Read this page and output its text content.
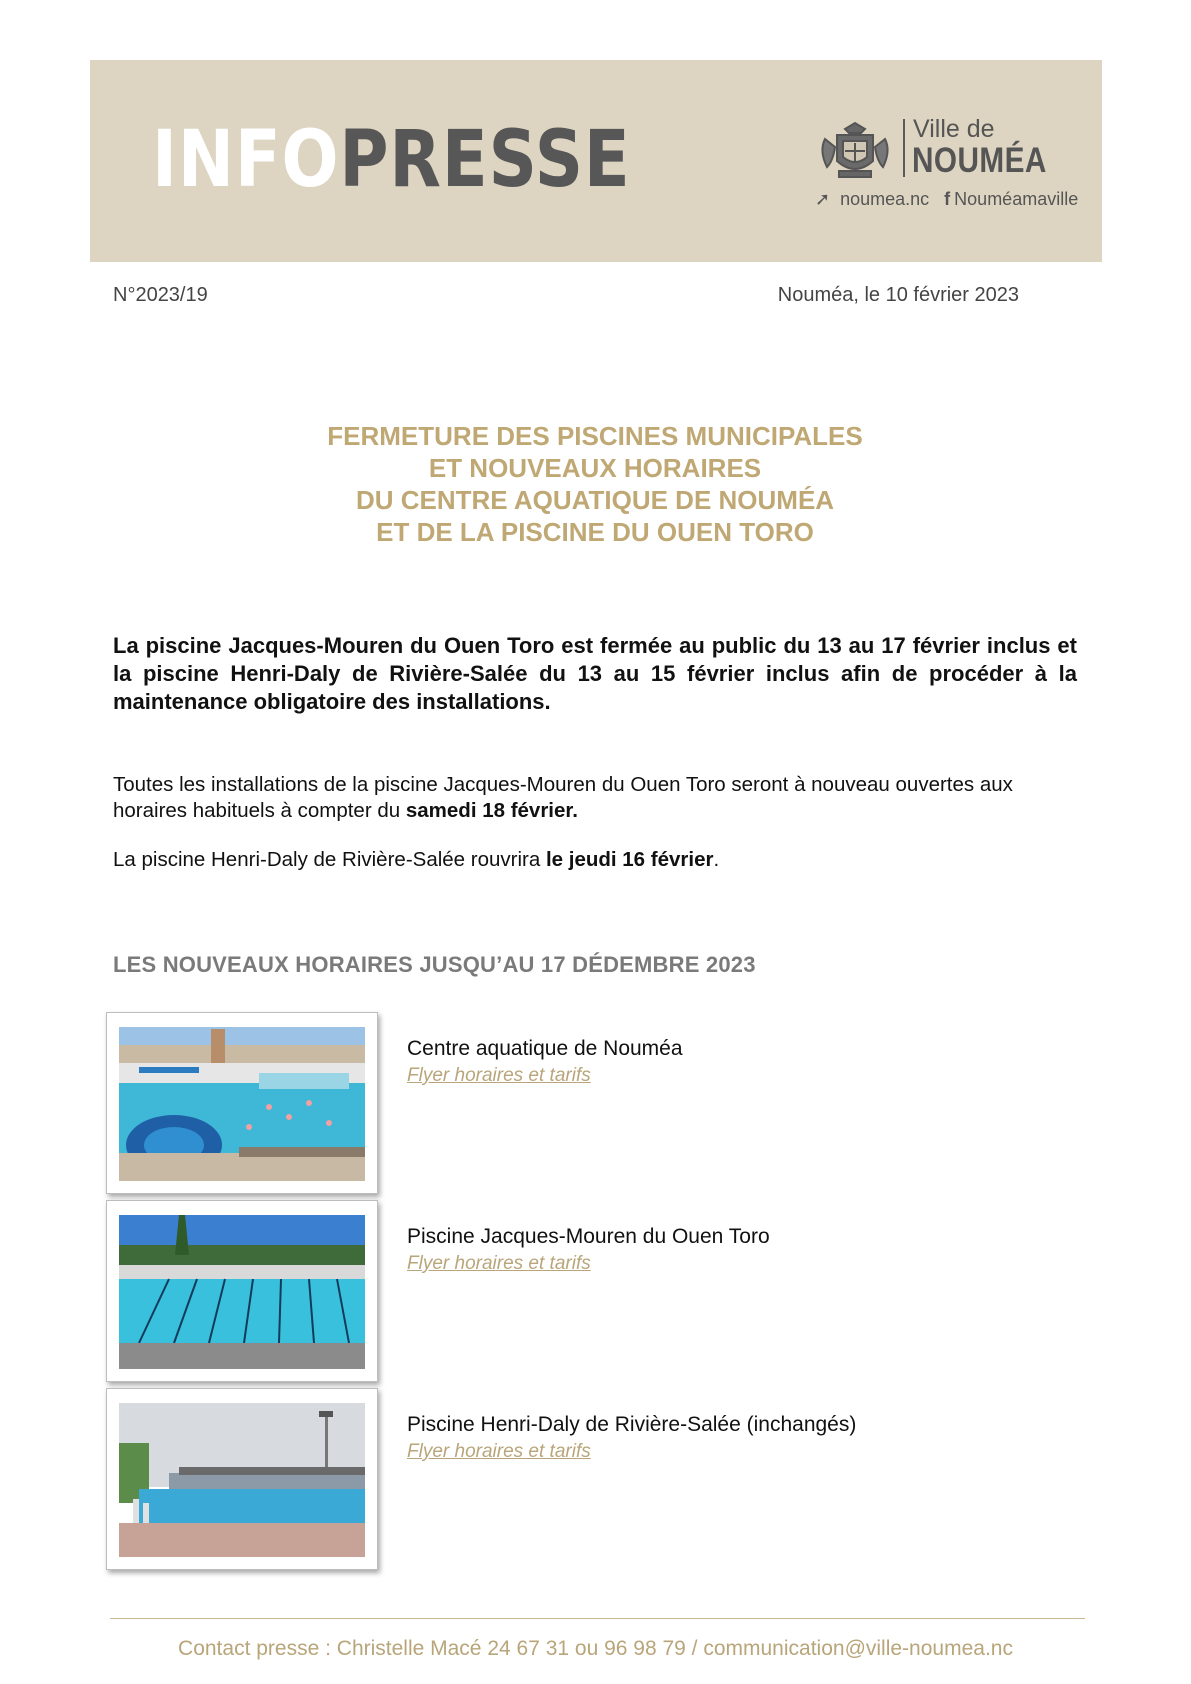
INFOPRESSE	Ville de
NOUMÉA
➚ noumea.nc f Nouméamaville
N°2023/19	Nouméa, le 10 février 2023
FERMETURE DES PISCINES MUNICIPALES
ET NOUVEAUX HORAIRES
DU CENTRE AQUATIQUE DE NOUMÉA
ET DE LA PISCINE DU OUEN TORO
La piscine Jacques-Mouren du Ouen Toro est fermée au public du 13 au 17 février inclus et la piscine Henri-Daly de Rivière-Salée du 13 au 15 février inclus afin de procéder à la maintenance obligatoire des installations.
Toutes les installations de la piscine Jacques-Mouren du Ouen Toro seront à nouveau ouvertes aux horaires habituels à compter du samedi 18 février.
La piscine Henri-Daly de Rivière-Salée rouvrira le jeudi 16 février.
LES NOUVEAUX HORAIRES JUSQU’AU 17 DÉDEMBRE 2023
Centre aquatique de Nouméa
Flyer horaires et tarifs
Piscine Jacques-Mouren du Ouen Toro
Flyer horaires et tarifs
Piscine Henri-Daly de Rivière-Salée (inchangés)
Flyer horaires et tarifs
Contact presse : Christelle Macé 24 67 31 ou 96 98 79 / communication@ville-noumea.nc
